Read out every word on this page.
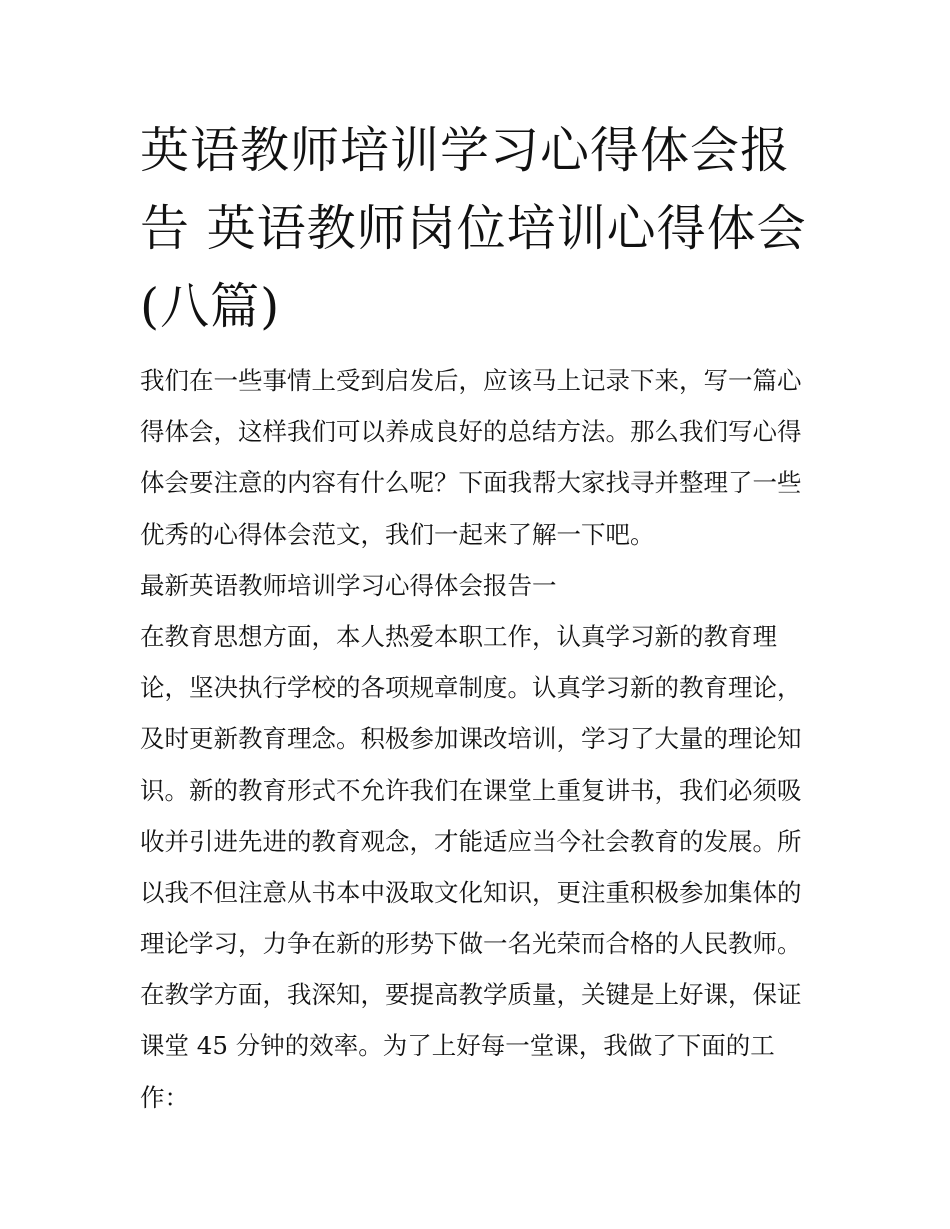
英语教师培训学习心得体会报
告 英语教师岗位培训心得体会
(八篇)
我们在一些事情上受到启发后，应该马上记录下来，写一篇心
得体会，这样我们可以养成良好的总结方法。那么我们写心得
体会要注意的内容有什么呢？下面我帮大家找寻并整理了一些
优秀的心得体会范文，我们一起来了解一下吧。
最新英语教师培训学习心得体会报告一
在教育思想方面，本人热爱本职工作，认真学习新的教育理
论，坚决执行学校的各项规章制度。认真学习新的教育理论，
及时更新教育理念。积极参加课改培训，学习了大量的理论知
识。新的教育形式不允许我们在课堂上重复讲书，我们必须吸
收并引进先进的教育观念，才能适应当今社会教育的发展。所
以我不但注意从书本中汲取文化知识，更注重积极参加集体的
理论学习，力争在新的形势下做一名光荣而合格的人民教师。
在教学方面，我深知，要提高教学质量，关键是上好课，保证
课堂 45 分钟的效率。为了上好每一堂课，我做了下面的工
作：
